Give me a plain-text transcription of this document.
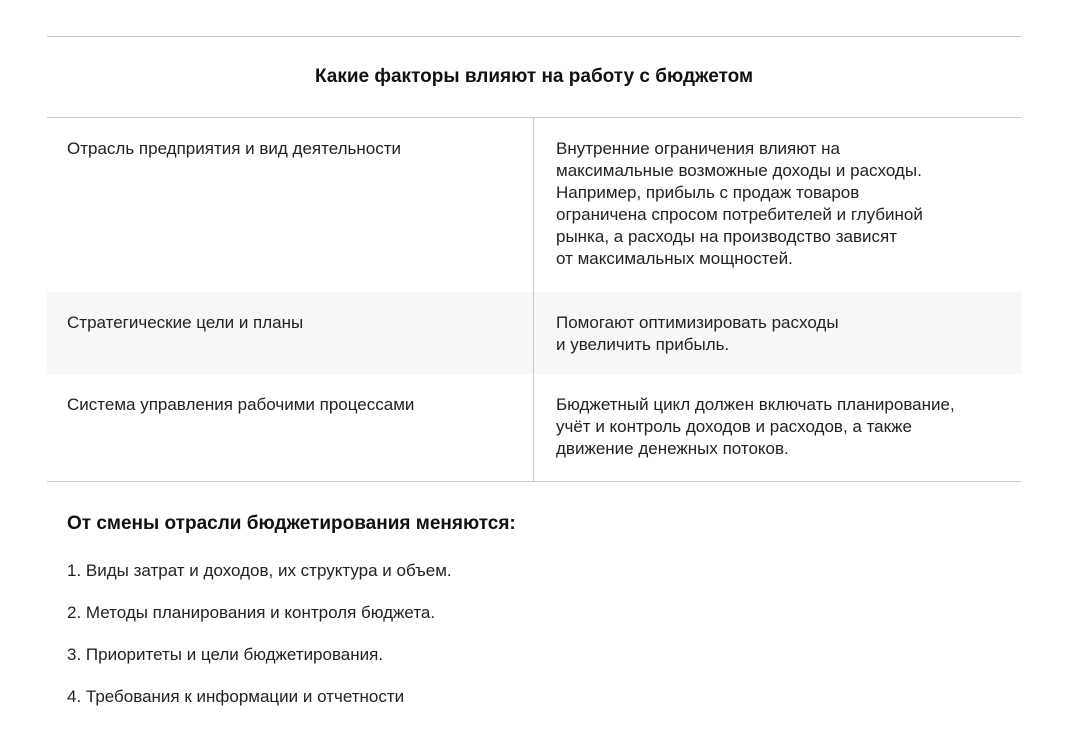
Какие факторы влияют на работу с бюджетом
Отрасль предприятия и вид деятельности	Внутренние ограничения влияют на
максимальные возможные доходы и расходы.
Например, прибыль с продаж товаров
ограничена спросом потребителей и глубиной
рынка, а расходы на производство зависят
от максимальных мощностей.
Стратегические цели и планы	Помогают оптимизировать расходы
и увеличить прибыль.
Система управления рабочими процессами	Бюджетный цикл должен включать планирование,
учёт и контроль доходов и расходов, а также
движение денежных потоков.
От смены отрасли бюджетирования меняются:
1. Виды затрат и доходов, их структура и объем.
2. Методы планирования и контроля бюджета.
3. Приоритеты и цели бюджетирования.
4. Требования к информации и отчетности
